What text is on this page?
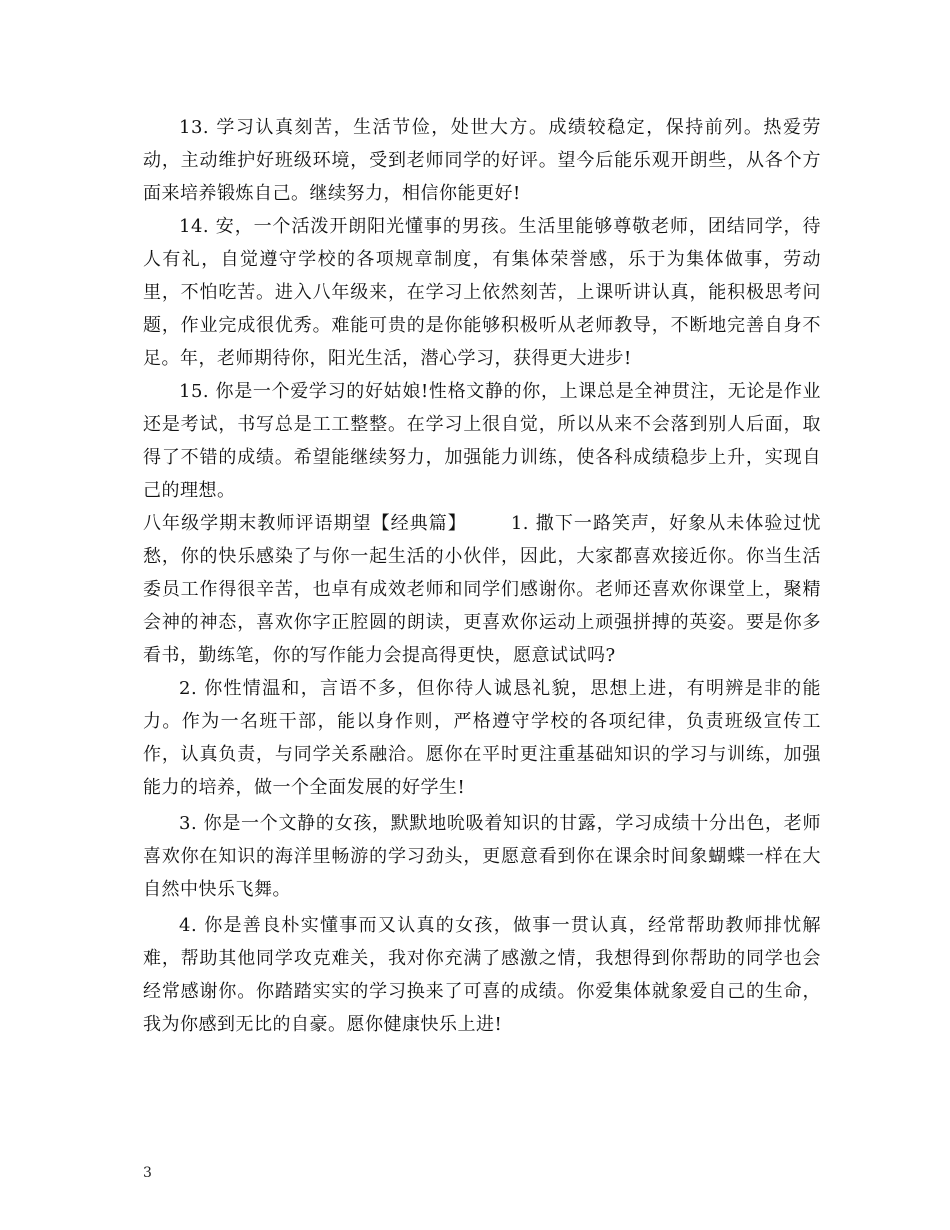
13. 学习认真刻苦，生活节俭，处世大方。成绩较稳定，保持前列。热爱劳动，主动维护好班级环境，受到老师同学的好评。望今后能乐观开朗些，从各个方面来培养锻炼自己。继续努力，相信你能更好!

14. 安，一个活泼开朗阳光懂事的男孩。生活里能够尊敬老师，团结同学，待人有礼，自觉遵守学校的各项规章制度，有集体荣誉感，乐于为集体做事，劳动里，不怕吃苦。进入八年级来，在学习上依然刻苦，上课听讲认真，能积极思考问题，作业完成很优秀。难能可贵的是你能够积极听从老师教导，不断地完善自身不足。年，老师期待你，阳光生活，潜心学习，获得更大进步!

15. 你是一个爱学习的好姑娘!性格文静的你，上课总是全神贯注，无论是作业还是考试，书写总是工工整整。在学习上很自觉，所以从来不会落到别人后面，取得了不错的成绩。希望能继续努力，加强能力训练，使各科成绩稳步上升，实现自己的理想。

八年级学期末教师评语期望【经典篇】 1. 撒下一路笑声，好象从未体验过忧愁，你的快乐感染了与你一起生活的小伙伴，因此，大家都喜欢接近你。你当生活委员工作得很辛苦，也卓有成效老师和同学们感谢你。老师还喜欢你课堂上，聚精会神的神态，喜欢你字正腔圆的朗读，更喜欢你运动上顽强拼搏的英姿。要是你多看书，勤练笔，你的写作能力会提高得更快，愿意试试吗?

2. 你性情温和，言语不多，但你待人诚恳礼貌，思想上进，有明辨是非的能力。作为一名班干部，能以身作则，严格遵守学校的各项纪律，负责班级宣传工作，认真负责，与同学关系融洽。愿你在平时更注重基础知识的学习与训练，加强能力的培养，做一个全面发展的好学生!

3. 你是一个文静的女孩，默默地吮吸着知识的甘露，学习成绩十分出色，老师喜欢你在知识的海洋里畅游的学习劲头，更愿意看到你在课余时间象蝴蝶一样在大自然中快乐飞舞。

4. 你是善良朴实懂事而又认真的女孩，做事一贯认真，经常帮助教师排忧解难，帮助其他同学攻克难关，我对你充满了感激之情，我想得到你帮助的同学也会经常感谢你。你踏踏实实的学习换来了可喜的成绩。你爱集体就象爱自己的生命，我为你感到无比的自豪。愿你健康快乐上进!

3
